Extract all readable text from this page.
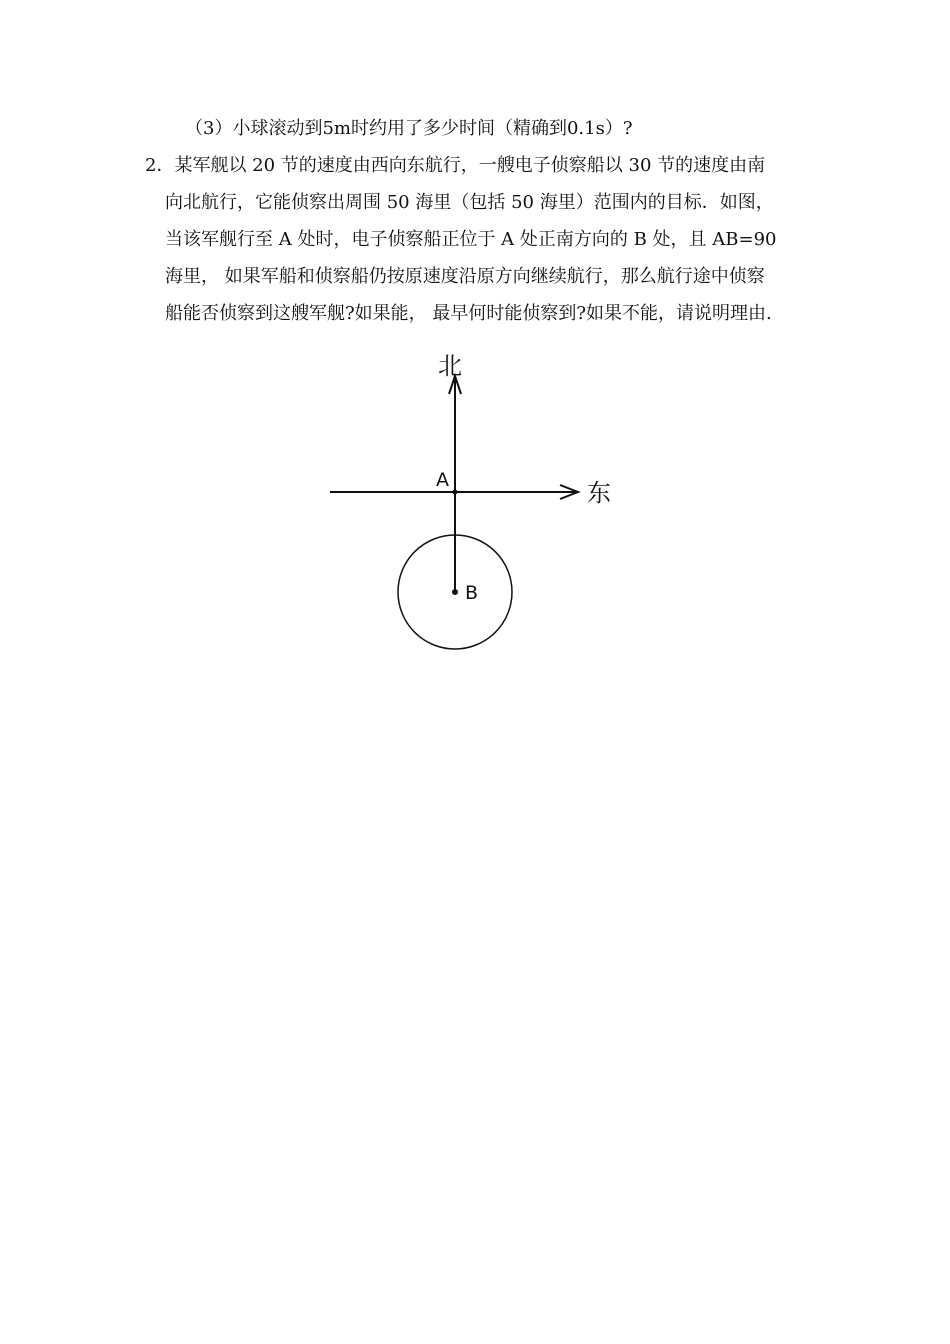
（3）小球滚动到5m时约用了多少时间（精确到0.1s）?
2．某军舰以 20 节的速度由西向东航行，一艘电子侦察船以 30 节的速度由南
向北航行，它能侦察出周围 50 海里（包括 50 海里）范围内的目标．如图，
当该军舰行至 A 处时，电子侦察船正位于 A 处正南方向的 B 处，且 AB=90
海里， 如果军船和侦察船仍按原速度沿原方向继续航行，那么航行途中侦察
船能否侦察到这艘军舰?如果能， 最早何时能侦察到?如果不能，请说明理由.
北
东
A
B
